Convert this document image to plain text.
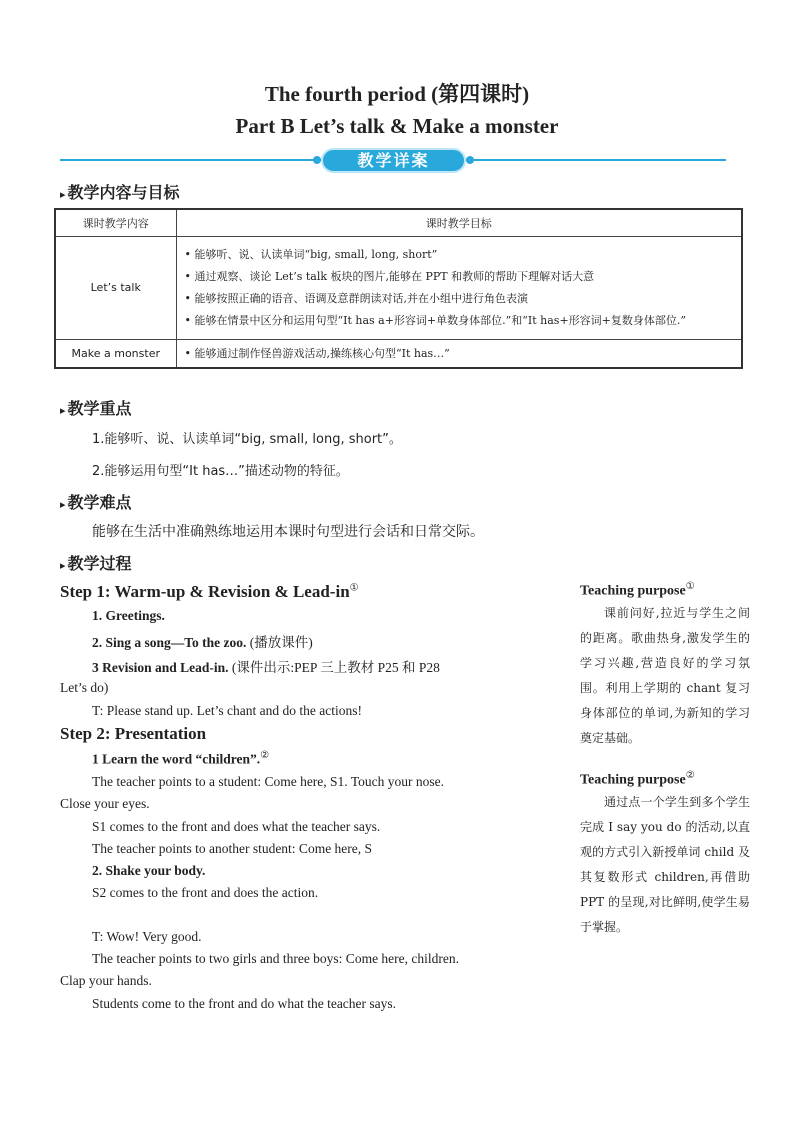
The fourth period (第四课时)
Part B Let’s talk & Make a monster
教学详案
▸ 教学内容与目标
课时教学内容	课时教学目标
Let’s talk	• 能够听、说、认读单词“big, small, long, short”
• 通过观察、谈论 Let’s talk 板块的图片,能够在 PPT 和教师的帮助下理解对话大意
• 能够按照正确的语音、语调及意群朗读对话,并在小组中进行角色表演
• 能够在情景中区分和运用句型“It has a+形容词+单数身体部位.”和“It has+形容词+复数身体部位.”

Make a monster	• 能够通过制作怪兽游戏活动,操练核心句型“It has…”
▸ 教学重点
1.能够听、说、认读单词“big, small, long, short”。
2.能够运用句型“It has…”描述动物的特征。
▸ 教学难点
能够在生活中准确熟练地运用本课时句型进行会话和日常交际。
▸ 教学过程
Step 1: Warm-up & Revision & Lead-in①
1. Greetings.
2. Sing a song—To the zoo. (播放课件)
3 Revision and Lead-in. (课件出示:PEP 三上教材 P25 和 P28
Let’s do)
T: Please stand up. Let’s chant and do the actions!
Step 2: Presentation
1 Learn the word “children”.②
The teacher points to a student: Come here, S1. Touch your nose.
Close your eyes.
S1 comes to the front and does what the teacher says.
The teacher points to another student: Come here, S
2. Shake your body.
S2 comes to the front and does the action.
T: Wow! Very good.
The teacher points to two girls and three boys: Come here, children.
Clap your hands.
Students come to the front and do what the teacher says.
Teaching purpose①
课前问好,拉近与学生之间的距离。歌曲热身,激发学生的学习兴趣,营造良好的学习氛围。利用上学期的 chant 复习身体部位的单词,为新知的学习奠定基础。
Teaching purpose②
通过点一个学生到多个学生完成 I say you do 的活动,以直观的方式引入新授单词 child 及其复数形式 children,再借助 PPT 的呈现,对比鲜明,使学生易于掌握。
